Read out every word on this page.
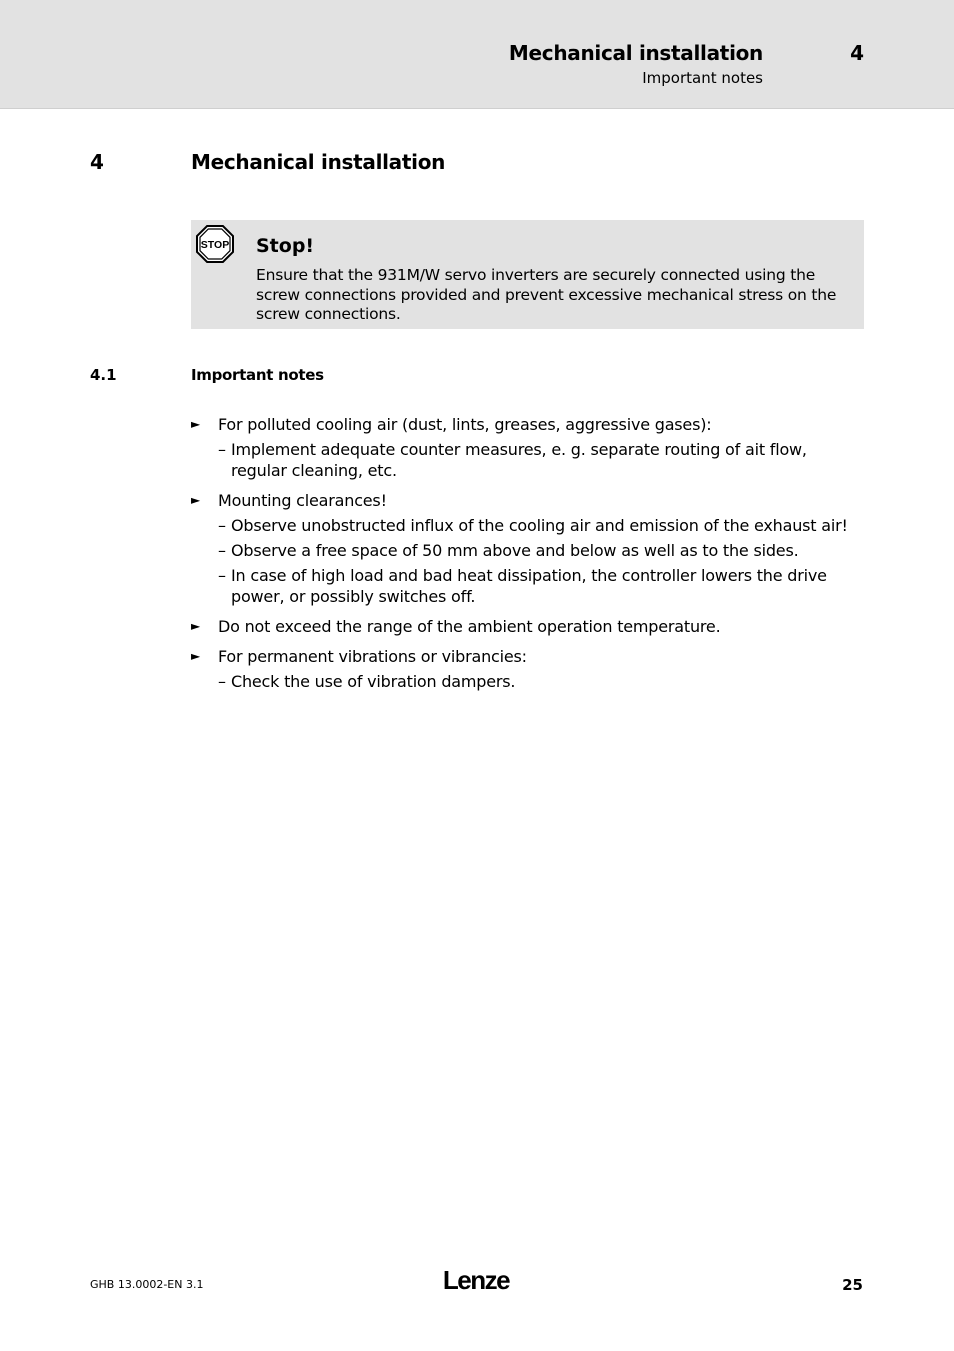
Mechanical installation
Important notes
4
4	Mechanical installation
STOP Stop!
Ensure that the 931M/W servo inverters are securely connected using the screw connections provided and prevent excessive mechanical stress on the screw connections.
4.1	Important notes
► For polluted cooling air (dust, lints, greases, aggressive gases):
– Implement adequate counter measures, e. g. separate routing of ait flow, regular cleaning, etc.
► Mounting clearances!
– Observe unobstructed influx of the cooling air and emission of the exhaust air!
– Observe a free space of 50 mm above and below as well as to the sides.
– In case of high load and bad heat dissipation, the controller lowers the drive power, or possibly switches off.
► Do not exceed the range of the ambient operation temperature.
► For permanent vibrations or vibrancies:
– Check the use of vibration dampers.
GHB 13.0002-EN 3.1	Lenze	25
